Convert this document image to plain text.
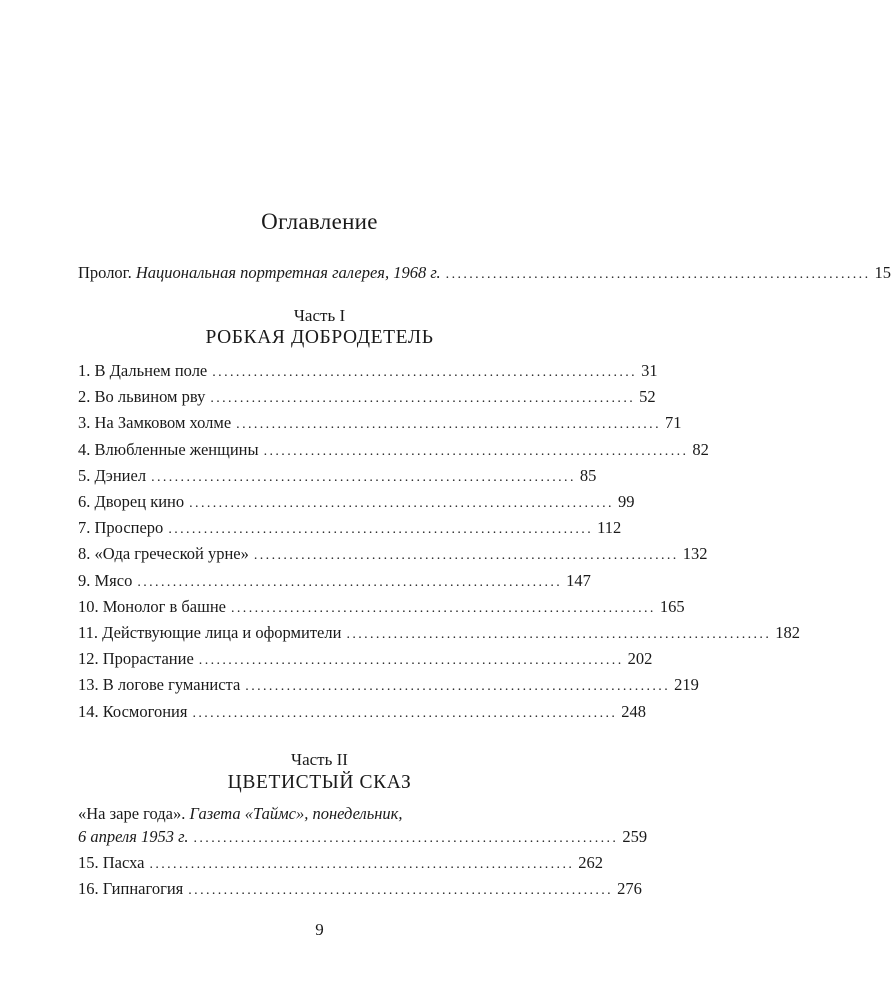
Оглавление
Пролог. Национальная портретная галерея, 1968 г. ........................................................................ 15
Часть I
РОБКАЯ ДОБРОДЕТЕЛЬ
1. В Дальнем поле ........................................................................ 31
2. Во львином рву ........................................................................ 52
3. На Замковом холме ........................................................................ 71
4. Влюбленные женщины ........................................................................ 82
5. Дэниел ........................................................................ 85
6. Дворец кино ........................................................................ 99
7. Просперо ........................................................................ 112
8. «Ода греческой урне» ........................................................................ 132
9. Мясо ........................................................................ 147
10. Монолог в башне ........................................................................ 165
11. Действующие лица и оформители ........................................................................ 182
12. Прорастание ........................................................................ 202
13. В логове гуманиста ........................................................................ 219
14. Космогония ........................................................................ 248
Часть II
ЦВЕТИСТЫЙ СКАЗ
«На заре года». Газета «Таймс», понедельник,
6 апреля 1953 г. ........................................................................ 259
15. Пасха ........................................................................ 262
16. Гипнагогия ........................................................................ 276
9
